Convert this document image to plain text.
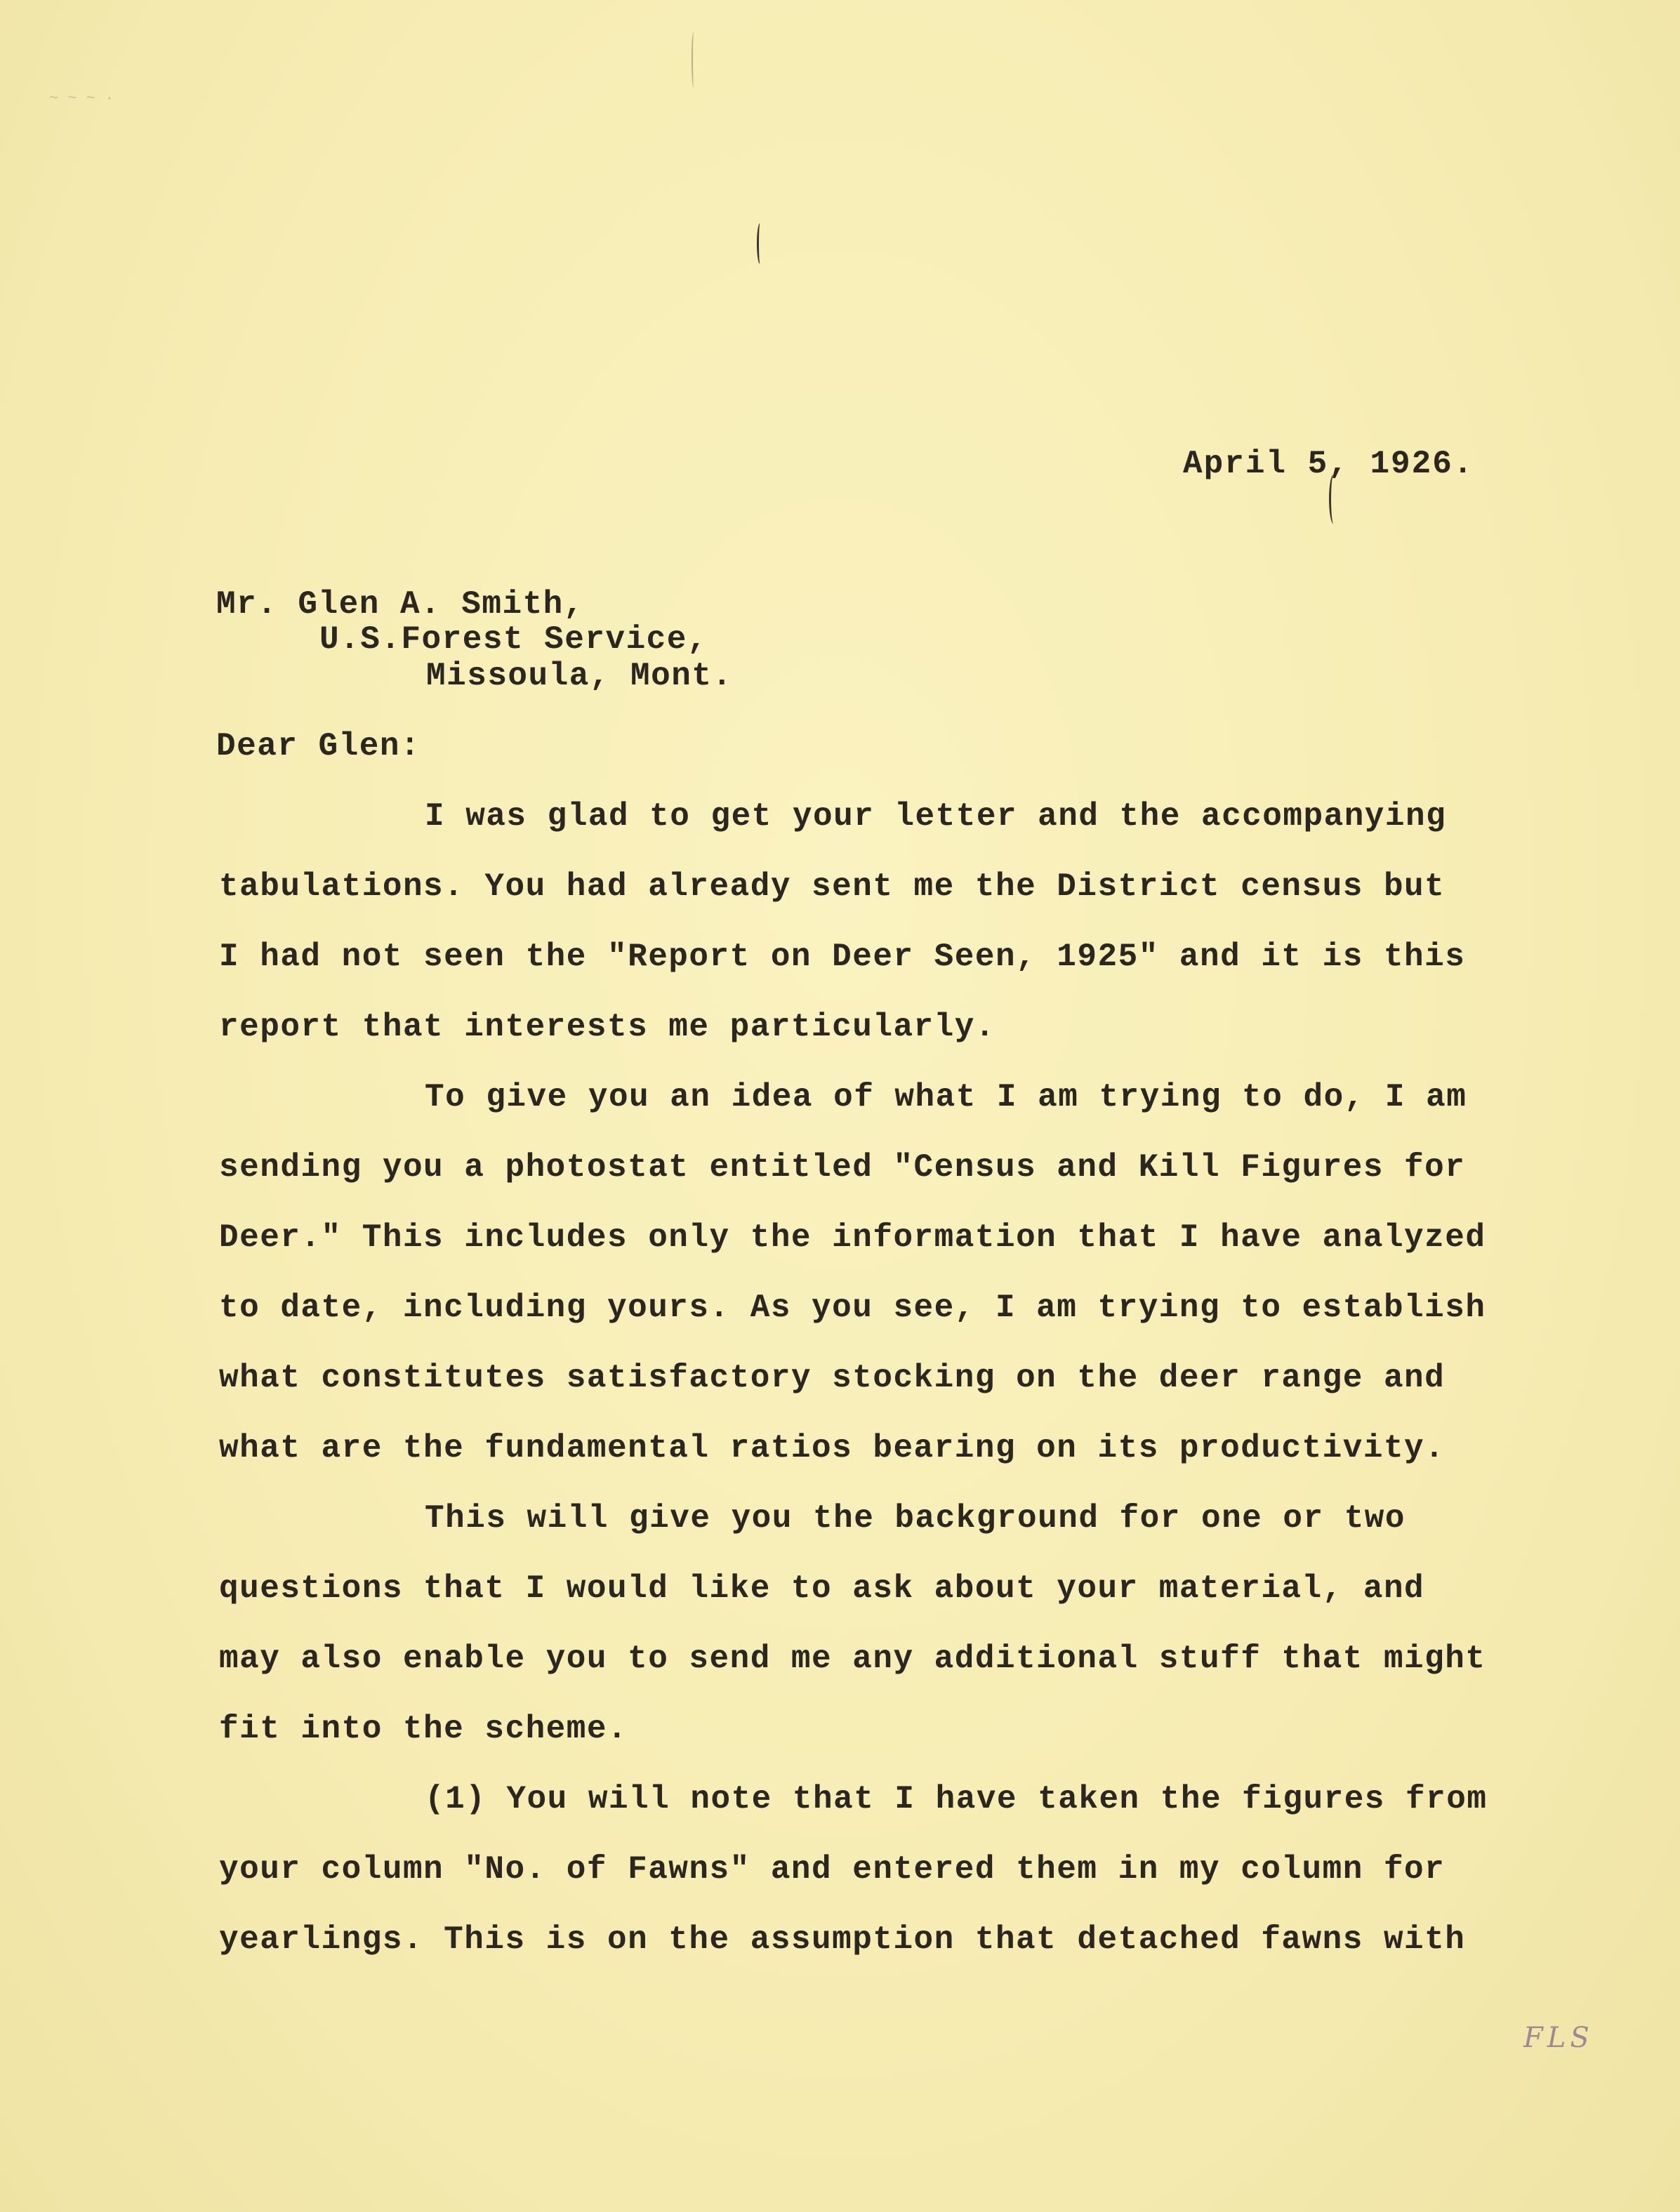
~ ~ ~ ·
April 5, 1926.
Mr. Glen A. Smith,
U.S.Forest Service,
Missoula, Mont.
Dear Glen:
I was glad to get your letter and the accompanying
tabulations. You had already sent me the District census but
I had not seen the "Report on Deer Seen, 1925" and it is this
report that interests me particularly.
To give you an idea of what I am trying to do, I am
sending you a photostat entitled "Census and Kill Figures for
Deer." This includes only the information that I have analyzed
to date, including yours. As you see, I am trying to establish
what constitutes satisfactory stocking on the deer range and
what are the fundamental ratios bearing on its productivity.
This will give you the background for one or two
questions that I would like to ask about your material, and
may also enable you to send me any additional stuff that might
fit into the scheme.
(1) You will note that I have taken the figures from
your column "No. of Fawns" and entered them in my column for
yearlings. This is on the assumption that detached fawns with
FLS
